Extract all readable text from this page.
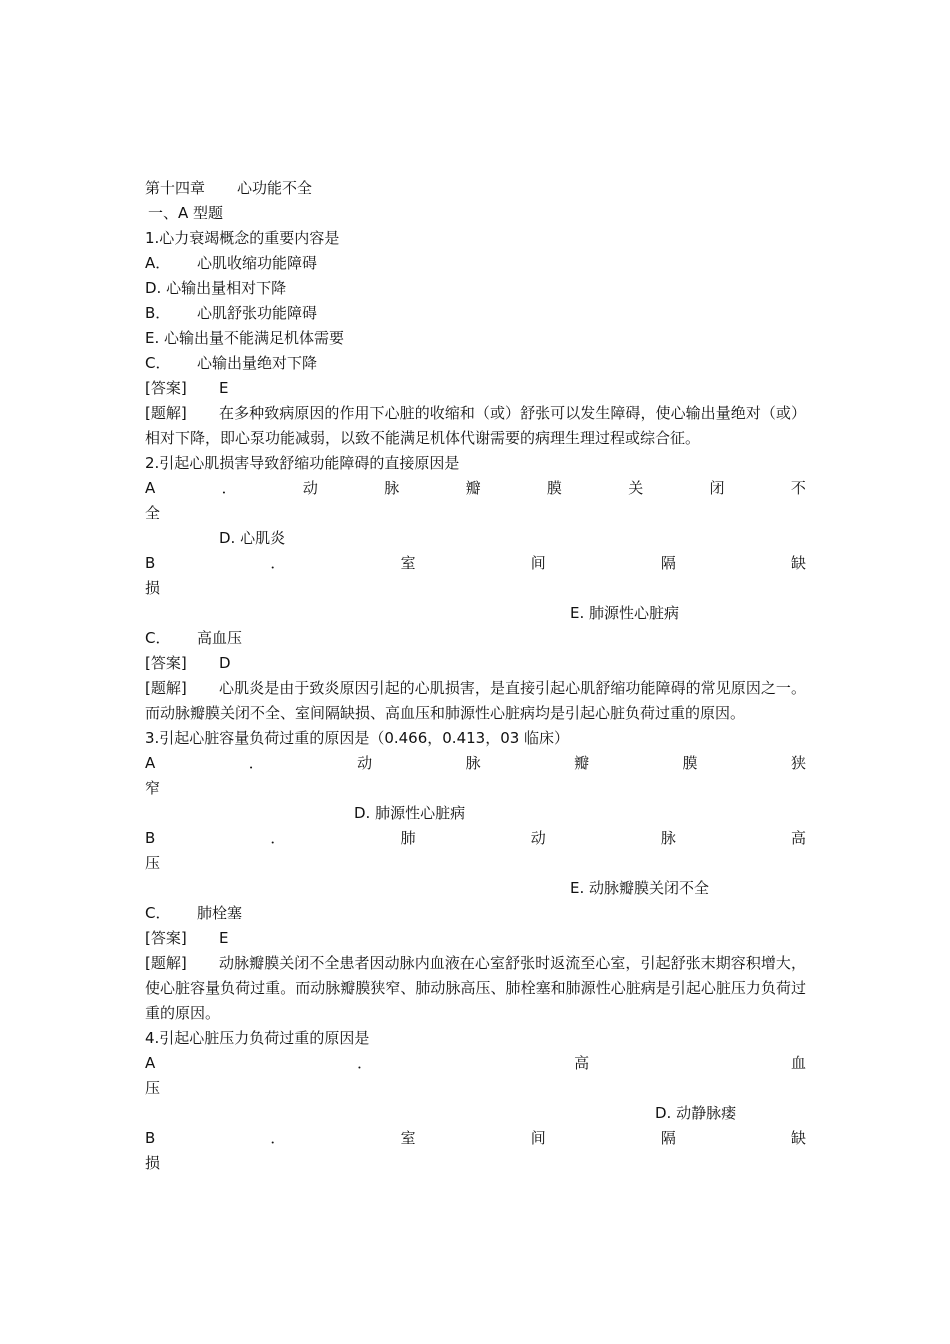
第十四章 心功能不全
一、A 型题
1.心力衰竭概念的重要内容是
A． 心肌收缩功能障碍
D. 心输出量相对下降
B． 心肌舒张功能障碍
E. 心输出量不能满足机体需要
C． 心输出量绝对下降
[答案] E
[题解] 在多种致病原因的作用下心脏的收缩和（或）舒张可以发生障碍，使心输出量绝对（或）相对下降，即心泵功能减弱，以致不能满足机体代谢需要的病理生理过程或综合征。
2.引起心肌损害导致舒缩功能障碍的直接原因是
A	．	动	脉	瓣	膜	关	闭	不
全
D. 心肌炎
B	．	室	间	隔	缺
损
E. 肺源性心脏病
C． 高血压
[答案] D
[题解] 心肌炎是由于致炎原因引起的心肌损害，是直接引起心肌舒缩功能障碍的常见原因之一。而动脉瓣膜关闭不全、室间隔缺损、高血压和肺源性心脏病均是引起心脏负荷过重的原因。
3.引起心脏容量负荷过重的原因是（0.466，0.413，03 临床）
A	．	动	脉	瓣	膜	狭
窄
D. 肺源性心脏病
B	．	肺	动	脉	高
压
E. 动脉瓣膜关闭不全
C． 肺栓塞
[答案] E
[题解] 动脉瓣膜关闭不全患者因动脉内血液在心室舒张时返流至心室，引起舒张末期容积增大，使心脏容量负荷过重。而动脉瓣膜狭窄、肺动脉高压、肺栓塞和肺源性心脏病是引起心脏压力负荷过重的原因。
4.引起心脏压力负荷过重的原因是
A	．	高	血
压
D. 动静脉瘘
B	．	室	间	隔	缺
损
